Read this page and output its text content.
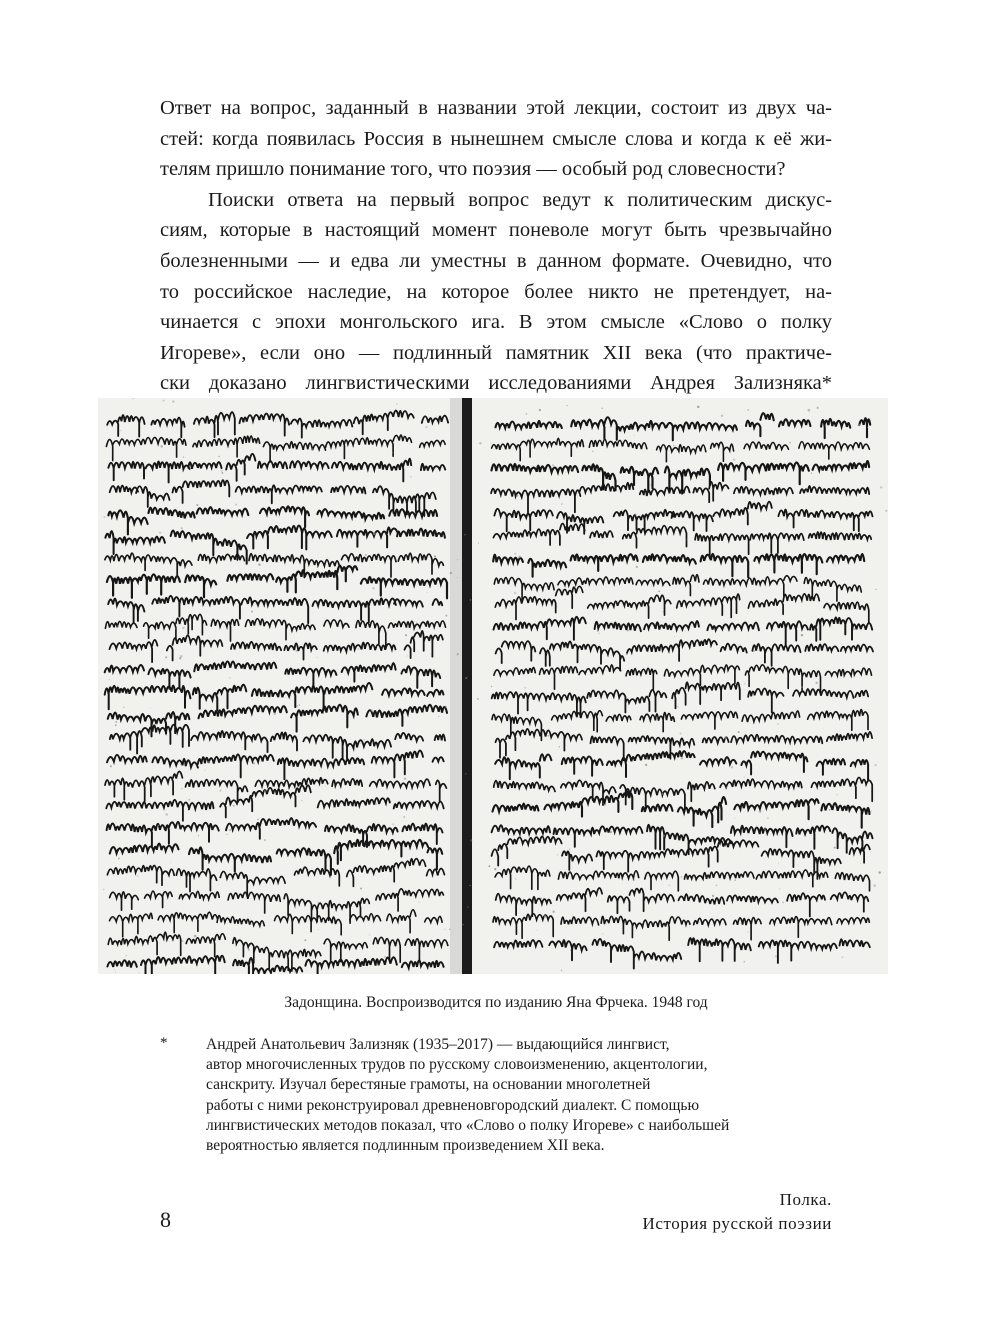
Ответ на вопрос, заданный в названии этой лекции, состоит из двух ча-

стей: когда появилась Россия в нынешнем смысле слова и когда к её жи-

телям пришло понимание того, что поэзия — особый род словесности?

Поиски ответа на первый вопрос ведут к политическим дискус-

сиям, которые в настоящий момент поневоле могут быть чрезвычайно

болезненными — и едва ли уместны в данном формате. Очевидно, что

то российское наследие, на которое более никто не претендует, на-

чинается с эпохи монгольского ига. В этом смысле «Слово о полку

Игореве», если оно — подлинный памятник XII века (что практиче-

ски доказано лингвистическими исследованиями Андрея Зализняка*

Задонщина. Воспроизводится по изданию Яна Фрчека. 1948 год
* Андрей Анатольевич Зализняк (1935–2017) — выдающийся лингвист,
автор многочисленных трудов по русскому словоизменению, акцентологии,
санскриту. Изучал берестяные грамоты, на основании многолетней
работы с ними реконструировал древненовгородский диалект. С помощью
лингвистических методов показал, что «Слово о полку Игореве» с наибольшей
вероятностью является подлинным произведением XII века.
8
Полка.
История русской поэзии
